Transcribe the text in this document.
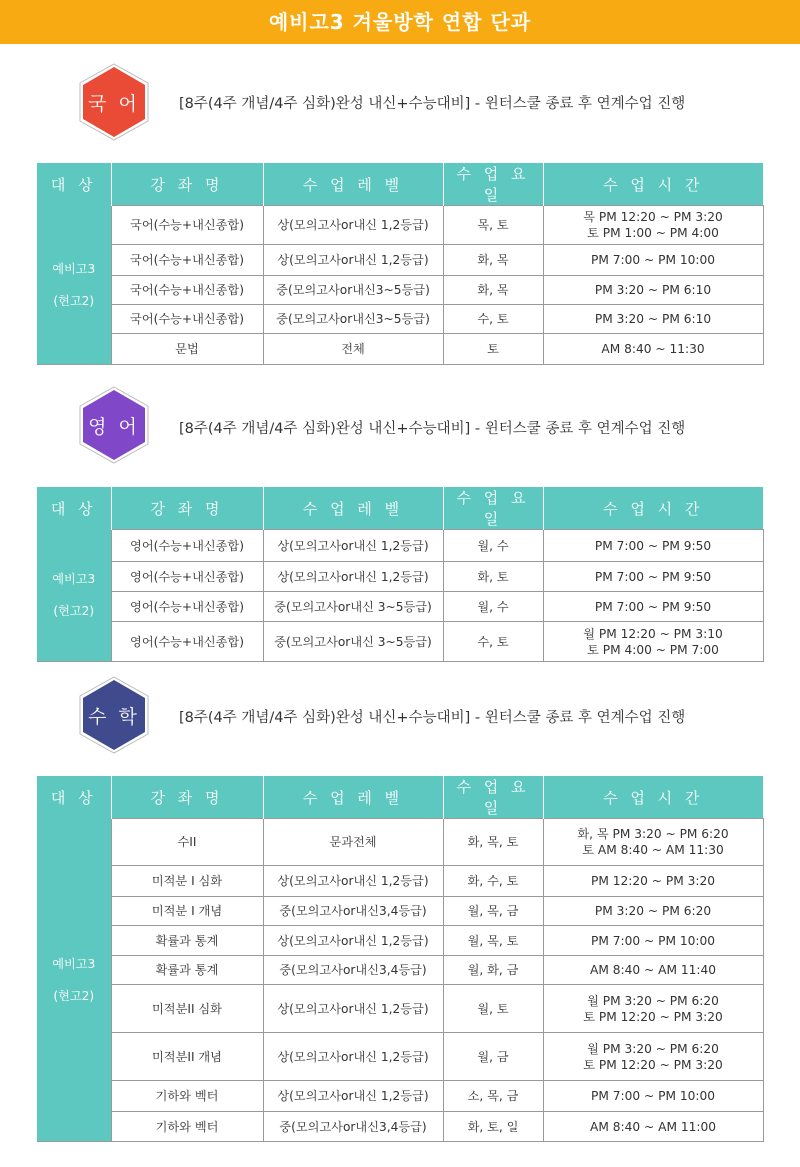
예비고3 겨울방학 연합 단과
국 어	[8주(4주 개념/4주 심화)완성 내신+수능대비] - 윈터스쿨 종료 후 연계수업 진행
대 상	강 좌 명	수 업 레 벨	수 업 요 일	수 업 시 간

예비고3
(현고2)	국어(수능+내신종합)	상(모의고사or내신 1,2등급)	목, 토	목 PM 12:20 ~ PM 3:20
토 PM 1:00 ~ PM 4:00

	국어(수능+내신종합)	상(모의고사or내신 1,2등급)	화, 목	PM 7:00 ~ PM 10:00

	국어(수능+내신종합)	중(모의고사or내신3~5등급)	화, 목	PM 3:20 ~ PM 6:10

	국어(수능+내신종합)	중(모의고사or내신3~5등급)	수, 토	PM 3:20 ~ PM 6:10

	문법	전체	토	AM 8:40 ~ 11:30
영 어	[8주(4주 개념/4주 심화)완성 내신+수능대비] - 윈터스쿨 종료 후 연계수업 진행
대 상	강 좌 명	수 업 레 벨	수 업 요 일	수 업 시 간

예비고3
(현고2)	영어(수능+내신종합)	상(모의고사or내신 1,2등급)	월, 수	PM 7:00 ~ PM 9:50

	영어(수능+내신종합)	상(모의고사or내신 1,2등급)	화, 토	PM 7:00 ~ PM 9:50

	영어(수능+내신종합)	중(모의고사or내신 3~5등급)	월, 수	PM 7:00 ~ PM 9:50

	영어(수능+내신종합)	중(모의고사or내신 3~5등급)	수, 토	월 PM 12:20 ~ PM 3:10
토 PM 4:00 ~ PM 7:00
수 학	[8주(4주 개념/4주 심화)완성 내신+수능대비] - 윈터스쿨 종료 후 연계수업 진행
대 상	강 좌 명	수 업 레 벨	수 업 요 일	수 업 시 간

예비고3
(현고2)	수II	문과전체	화, 목, 토	화, 목 PM 3:20 ~ PM 6:20
토 AM 8:40 ~ AM 11:30

	미적분 I 심화	상(모의고사or내신 1,2등급)	화, 수, 토	PM 12:20 ~ PM 3:20

	미적분 I 개념	중(모의고사or내신3,4등급)	월, 목, 금	PM 3:20 ~ PM 6:20

	확률과 통계	상(모의고사or내신 1,2등급)	월, 목, 토	PM 7:00 ~ PM 10:00

	확률과 통계	중(모의고사or내신3,4등급)	월, 화, 금	AM 8:40 ~ AM 11:40

	미적분II 심화	상(모의고사or내신 1,2등급)	월, 토	월 PM 3:20 ~ PM 6:20
토 PM 12:20 ~ PM 3:20

	미적분II 개념	상(모의고사or내신 1,2등급)	월, 금	월 PM 3:20 ~ PM 6:20
토 PM 12:20 ~ PM 3:20

	기하와 벡터	상(모의고사or내신 1,2등급)	소, 목, 금	PM 7:00 ~ PM 10:00

	기하와 벡터	중(모의고사or내신3,4등급)	화, 토, 일	AM 8:40 ~ AM 11:00
